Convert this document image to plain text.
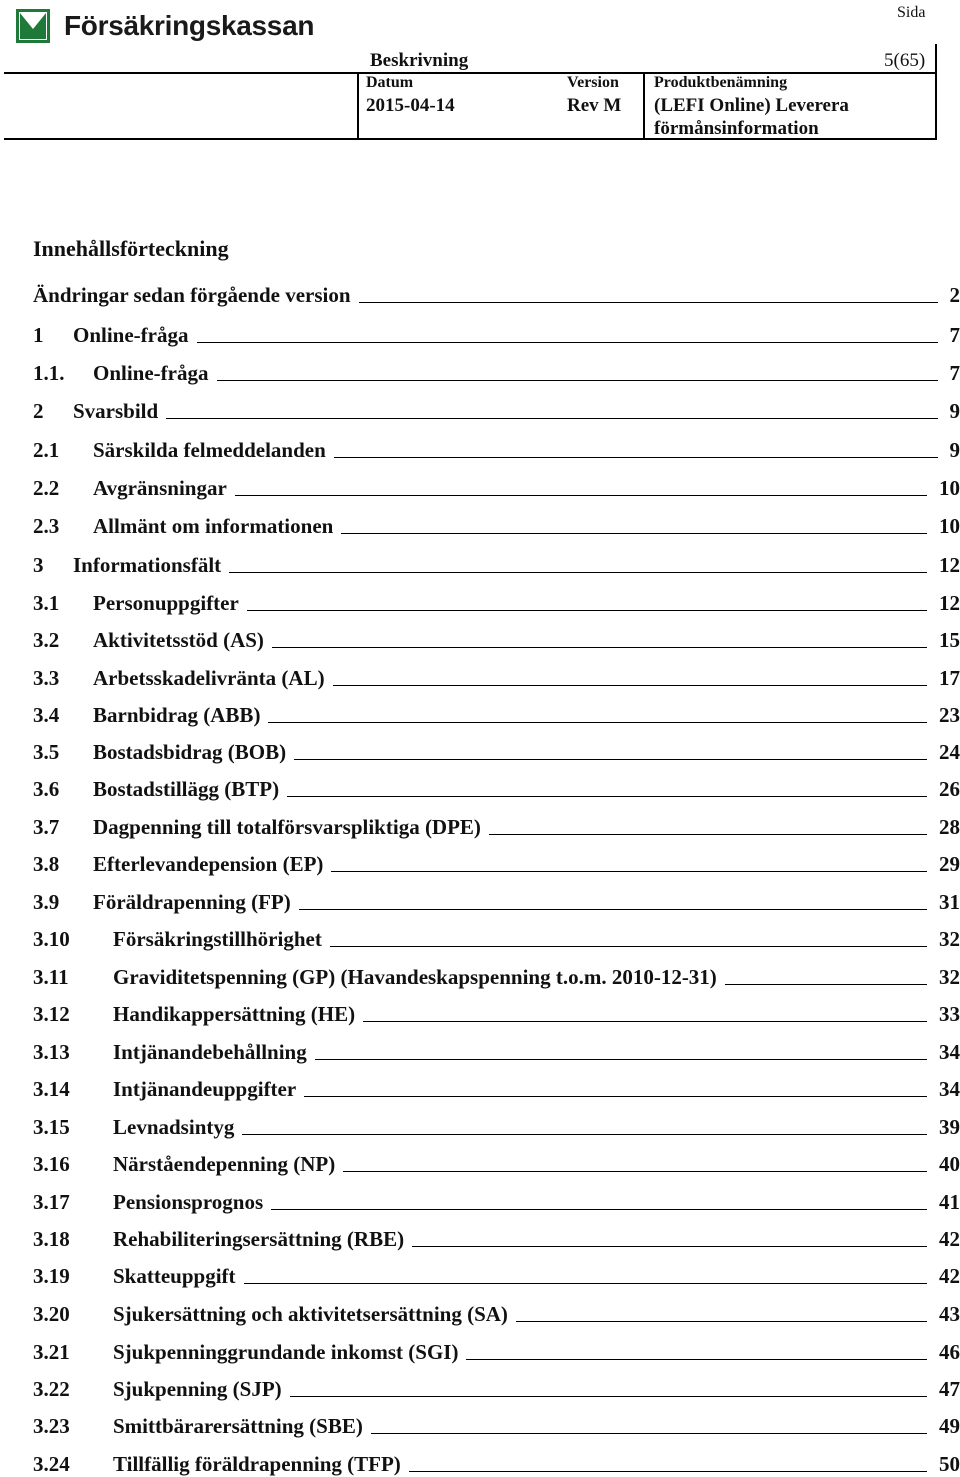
Försäkringskassan	Sida
Beskrivning	5(65)
Datum
2015-04-14
Version
Rev M
Produktbenämning
(LEFI Online) Leverera
förmånsinformation
Innehållsförteckning
Ändringar sedan förgående version	2
1	Online-fråga	7
1.1.	Online-fråga	7
2	Svarsbild	9
2.1	Särskilda felmeddelanden	9
2.2	Avgränsningar	10
2.3	Allmänt om informationen	10
3	Informationsfält	12
3.1	Personuppgifter	12
3.2	Aktivitetsstöd (AS)	15
3.3	Arbetsskadelivränta (AL)	17
3.4	Barnbidrag (ABB)	23
3.5	Bostadsbidrag (BOB)	24
3.6	Bostadstillägg (BTP)	26
3.7	Dagpenning till totalförsvarspliktiga (DPE)	28
3.8	Efterlevandepension (EP)	29
3.9	Föräldrapenning (FP)	31
3.10	Försäkringstillhörighet	32
3.11	Graviditetspenning (GP) (Havandeskapspenning t.o.m. 2010-12-31)	32
3.12	Handikappersättning (HE)	33
3.13	Intjänandebehållning	34
3.14	Intjänandeuppgifter	34
3.15	Levnadsintyg	39
3.16	Närståendepenning (NP)	40
3.17	Pensionsprognos	41
3.18	Rehabiliteringsersättning (RBE)	42
3.19	Skatteuppgift	42
3.20	Sjukersättning och aktivitetsersättning (SA)	43
3.21	Sjukpenninggrundande inkomst (SGI)	46
3.22	Sjukpenning (SJP)	47
3.23	Smittbärarersättning (SBE)	49
3.24	Tillfällig föräldrapenning (TFP)	50
